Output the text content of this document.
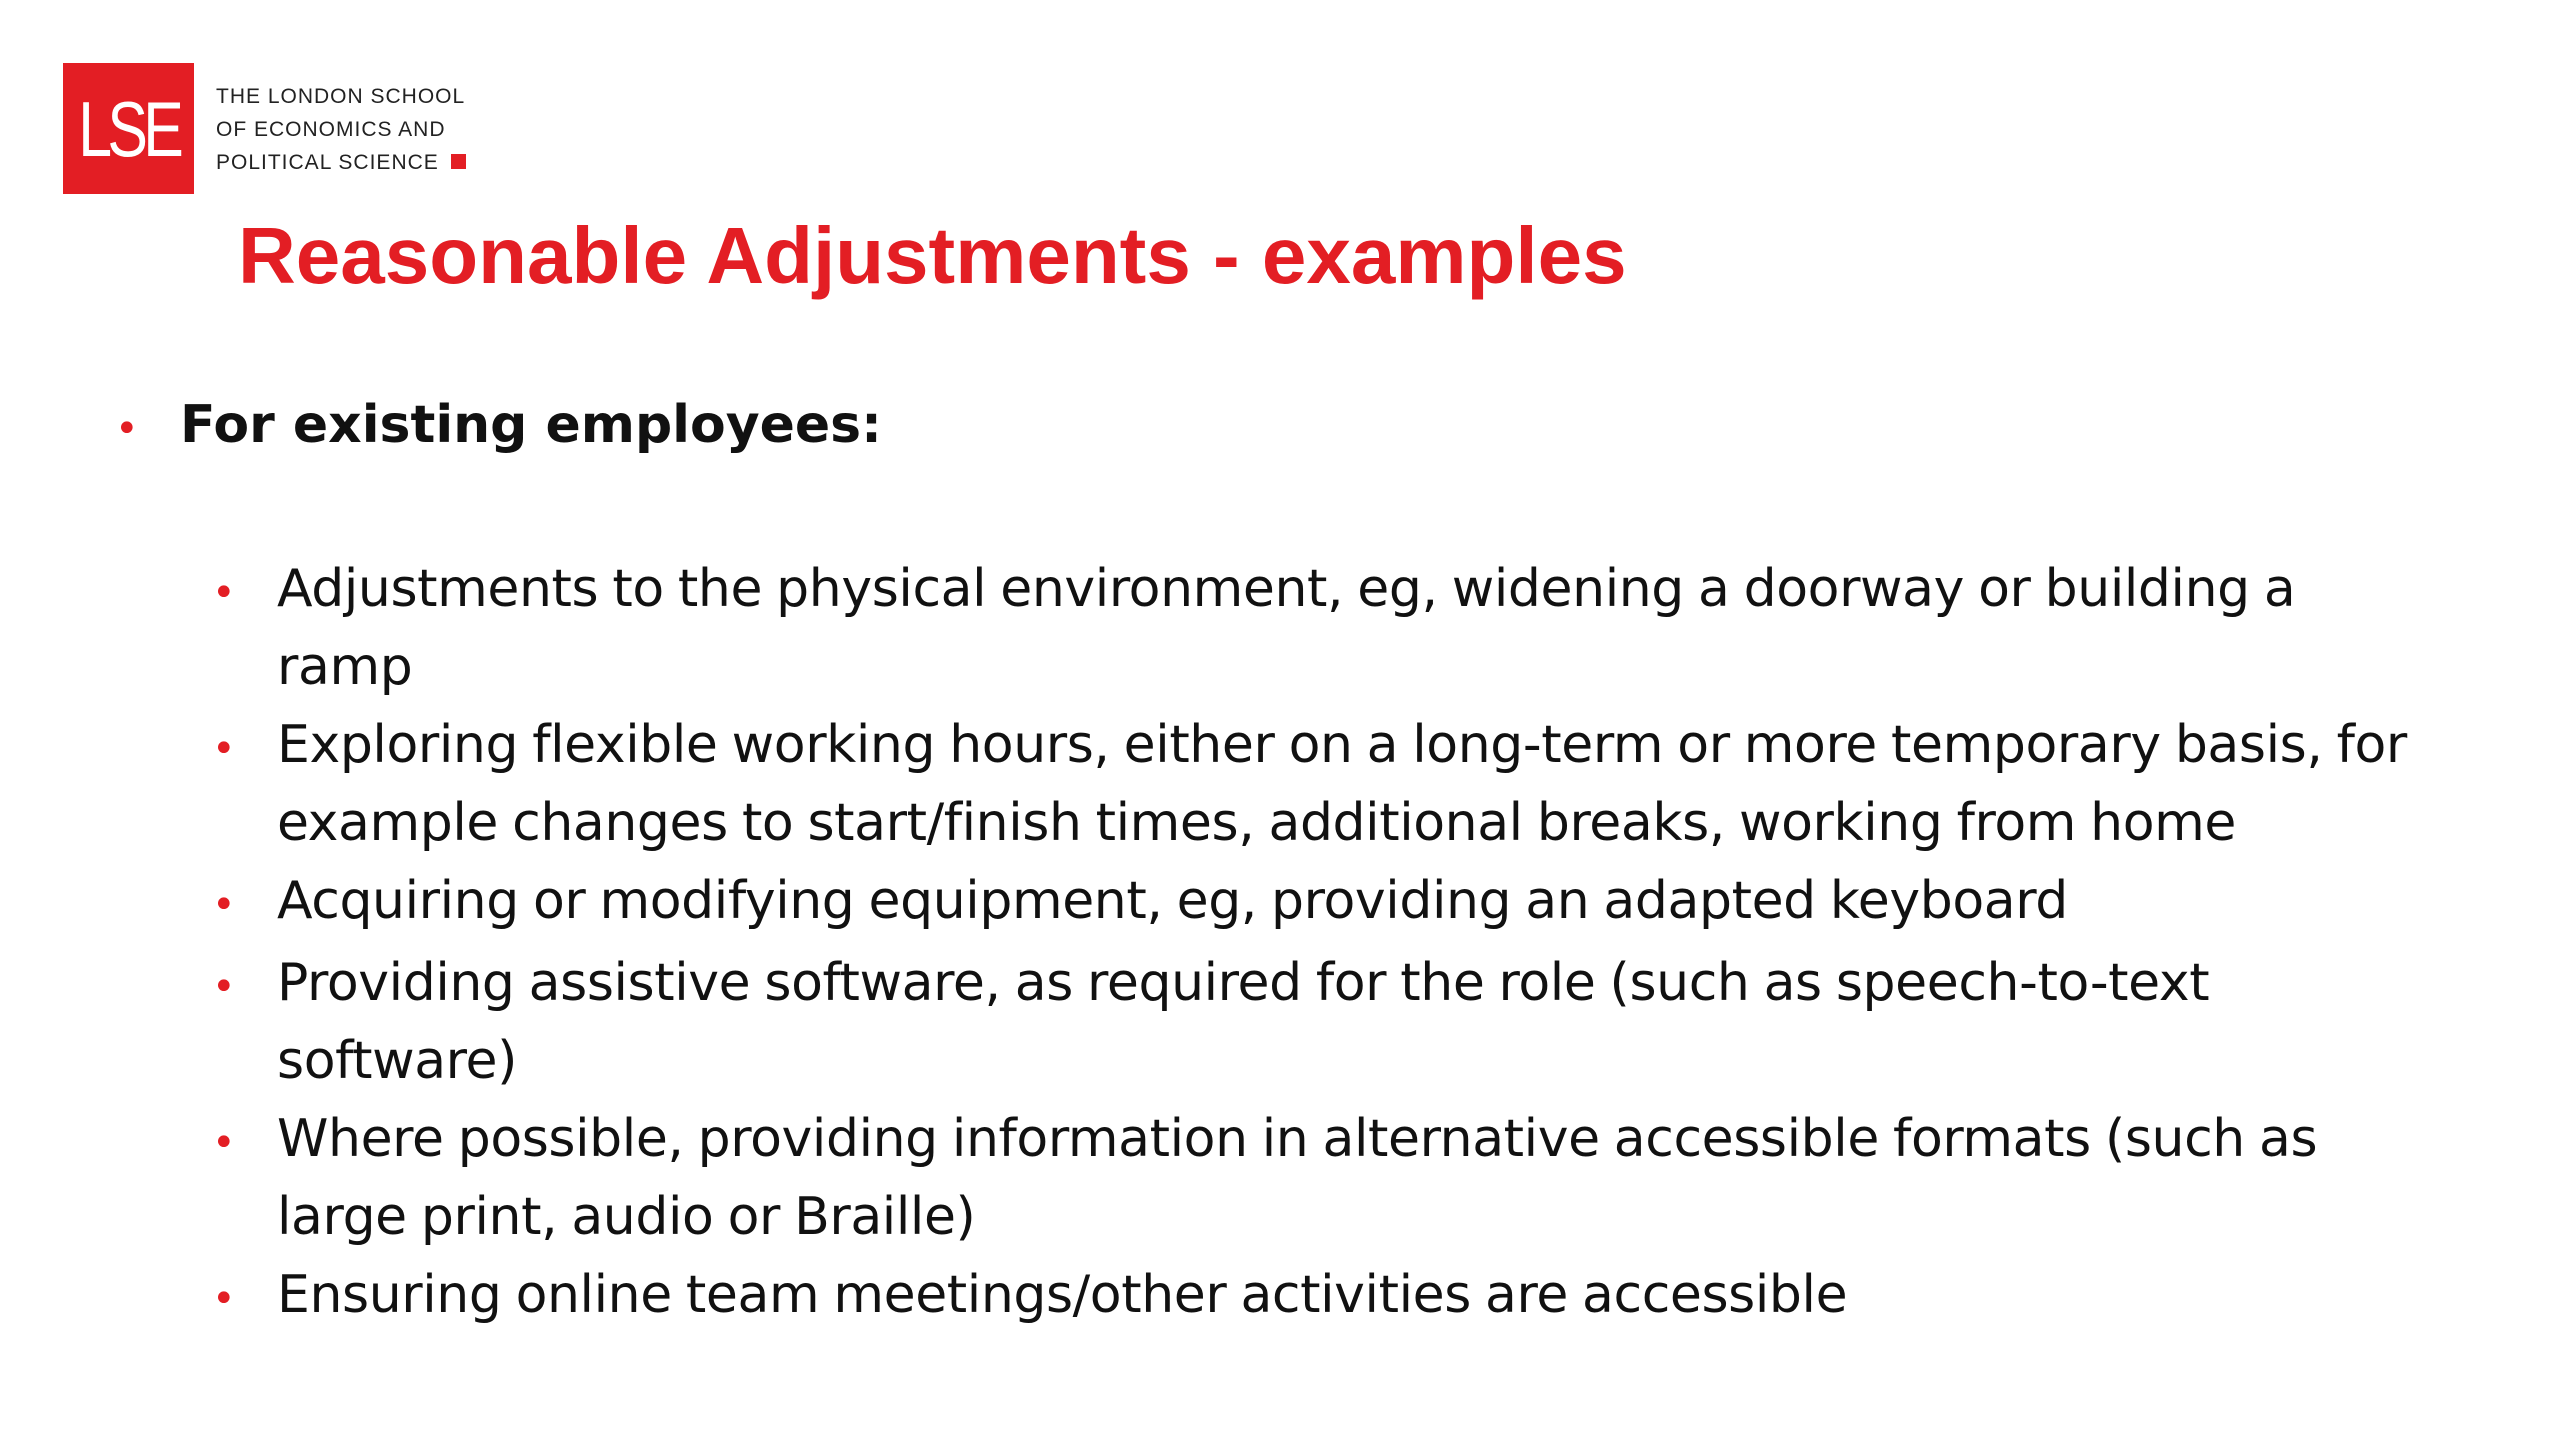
LSE THE LONDON SCHOOL
OF ECONOMICS AND
POLITICAL SCIENCE
Reasonable Adjustments - examples
• For existing employees:
• Adjustments to the physical environment, eg, widening a doorway or building a ramp
• Exploring flexible working hours, either on a long-term or more temporary basis, for example changes to start/finish times, additional breaks, working from home
• Acquiring or modifying equipment, eg, providing an adapted keyboard
• Providing assistive software, as required for the role (such as speech-to-text software)
• Where possible, providing information in alternative accessible formats (such as large print, audio or Braille)
• Ensuring online team meetings/other activities are accessible
